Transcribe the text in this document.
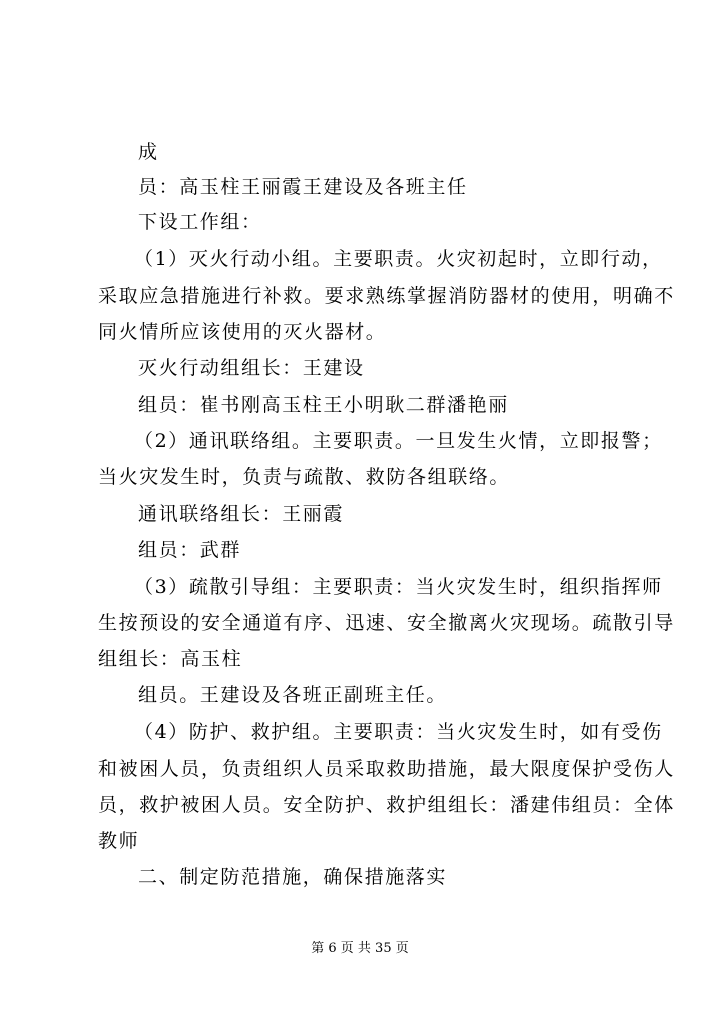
成
员：高玉柱王丽霞王建设及各班主任
下设工作组：
（1）灭火行动小组。主要职责。火灾初起时，立即行动，
采取应急措施进行补救。要求熟练掌握消防器材的使用，明确不
同火情所应该使用的灭火器材。
灭火行动组组长：王建设
组员：崔书刚高玉柱王小明耿二群潘艳丽
（2）通讯联络组。主要职责。一旦发生火情，立即报警；
当火灾发生时，负责与疏散、救防各组联络。
通讯联络组长：王丽霞
组员：武群
（3）疏散引导组：主要职责：当火灾发生时，组织指挥师
生按预设的安全通道有序、迅速、安全撤离火灾现场。疏散引导
组组长：高玉柱
组员。王建设及各班正副班主任。
（4）防护、救护组。主要职责：当火灾发生时，如有受伤
和被困人员，负责组织人员采取救助措施，最大限度保护受伤人
员，救护被困人员。安全防护、救护组组长：潘建伟组员：全体
教师
二、制定防范措施，确保措施落实
第 6 页 共 35 页
